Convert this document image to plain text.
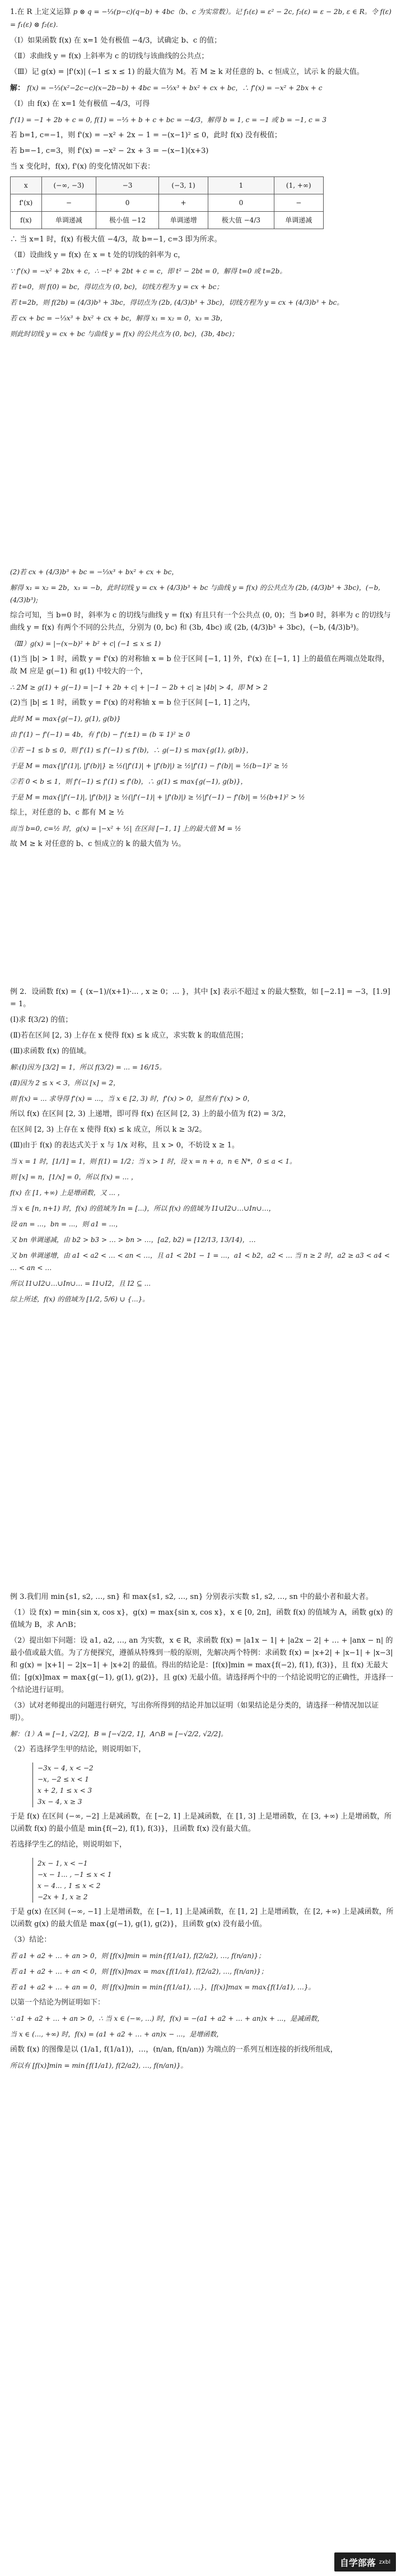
1.在 R 上定义运算 p ⊗ q = −⅓(p−c)(q−b) + 4bc（b、c 为实常数）。记 f₁(ε) = ε² − 2c, f₂(ε) = ε − 2b, ε ∈ R。令 f(ε) = f₁(ε) ⊗ f₂(ε).

（Ⅰ）如果函数 f(x) 在 x=1 处有极值 −4/3，试确定 b、c 的值；

（Ⅱ）求曲线 y = f(x) 上斜率为 c 的切线与该曲线的公共点；

（Ⅲ）记 g(x) = |f'(x)| (−1 ≤ x ≤ 1) 的最大值为 M。若 M ≥ k 对任意的 b、c 恒成立，试示 k 的最大值。

解： f(x) = −⅓(x²−2c−c)(x−2b−b) + 4bc = −⅓x³ + bx² + cx + bc，∴ f'(x) = −x² + 2bx + c

（Ⅰ）由 f(x) 在 x=1 处有极值 −4/3，可得

f'(1) = −1 + 2b + c = 0, f(1) = −⅓ + b + c + bc = −4/3，解得 b = 1, c = −1 或 b = −1, c = 3

若 b=1, c=−1，则 f'(x) = −x² + 2x − 1 = −(x−1)² ≤ 0，此时 f(x) 没有极值；

若 b=−1, c=3，则 f'(x) = −x² − 2x + 3 = −(x−1)(x+3)

当 x 变化时，f(x), f'(x) 的变化情况如下表：

x	(−∞, −3)	−3	(−3, 1)	1	(1, +∞)
f'(x)	−	0	+	0	−
f(x)	单调递减	极小值 −12	单调递增	极大值 −4/3	单调递减

∴ 当 x=1 时，f(x) 有极大值 −4/3，故 b=−1, c=3 即为所求。

（Ⅱ）设曲线 y = f(x) 在 x = t 处的切线的斜率为 c，

∵ f'(x) = −x² + 2bx + c，∴ −t² + 2bt + c = c，即 t² − 2bt = 0，解得 t=0 或 t=2b。

若 t=0，则 f(0) = bc，得切点为 (0, bc)，切线方程为 y = cx + bc；

若 t=2b，则 f(2b) = (4/3)b³ + 3bc，得切点为 (2b, (4/3)b³ + 3bc)，切线方程为 y = cx + (4/3)b³ + bc。

若 cx + bc = −⅓x³ + bx² + cx + bc，解得 x₁ = x₂ = 0，x₃ = 3b，

则此时切线 y = cx + bc 与曲线 y = f(x) 的公共点为 (0, bc)，(3b, 4bc)；

(2)若 cx + (4/3)b³ + bc = −⅓x³ + bx² + cx + bc，

解得 x₁ = x₂ = 2b，x₃ = −b，此时切线 y = cx + (4/3)b³ + bc 与曲线 y = f(x) 的公共点为 (2b, (4/3)b³ + 3bc)，(−b, (4/3)b³);

综合可知，当 b=0 时，斜率为 c 的切线与曲线 y = f(x) 有且只有一个公共点 (0, 0)；当 b≠0 时，斜率为 c 的切线与曲线 y = f(x) 有两个不同的公共点，分别为 (0, bc) 和 (3b, 4bc) 或 (2b, (4/3)b³ + 3bc)，(−b, (4/3)b³)。

（Ⅲ）g(x) = |−(x−b)² + b² + c| (−1 ≤ x ≤ 1)

(1)当 |b| > 1 时，函数 y = f'(x) 的对称轴 x = b 位于区间 [−1, 1] 外，f'(x) 在 [−1, 1] 上的最值在两端点处取得，故 M 应是 g(−1) 和 g(1) 中较大的一个，

∴ 2M ≥ g(1) + g(−1) = |−1 + 2b + c| + |−1 − 2b + c| ≥ |4b| > 4，即 M > 2

(2)当 |b| ≤ 1 时，函数 y = f'(x) 的对称轴 x = b 位于区间 [−1, 1] 之内，

此时 M = max{g(−1), g(1), g(b)}

由 f'(1) − f'(−1) = 4b，有 f'(b) − f'(±1) = (b ∓ 1)² ≥ 0

①若 −1 ≤ b ≤ 0，则 f'(1) ≤ f'(−1) ≤ f'(b)，∴ g(−1) ≤ max{g(1), g(b)}，

于是 M = max{|f'(1)|, |f'(b)|} ≥ ½(|f'(1)| + |f'(b)|) ≥ ½|f'(1) − f'(b)| = ½(b−1)² ≥ ½

②若 0 < b ≤ 1，则 f'(−1) ≤ f'(1) ≤ f'(b)，∴ g(1) ≤ max{g(−1), g(b)}，

于是 M = max{|f'(−1)|, |f'(b)|} ≥ ½(|f'(−1)| + |f'(b)|) ≥ ½|f'(−1) − f'(b)| = ½(b+1)² > ½

综上，对任意的 b、c 都有 M ≥ ½

而当 b=0, c=½ 时，g(x) = |−x² + ½| 在区间 [−1, 1] 上的最大值 M = ½

故 M ≥ k 对任意的 b、c 恒成立的 k 的最大值为 ½。

例 2．设函数 f(x) = { (x−1)/(x+1)·... , x ≥ 0；... }，其中 [x] 表示不超过 x 的最大整数，如 [−2.1] = −3，[1.9] = 1。

(Ⅰ)求 f(3/2) 的值；

(Ⅱ)若在区间 [2, 3) 上存在 x 使得 f(x) ≤ k 成立，求实数 k 的取值范围；

(Ⅲ)求函数 f(x) 的值域。

解:(Ⅰ)因为 [3/2] = 1，所以 f(3/2) = ... = 16/15。

(Ⅱ)因为 2 ≤ x < 3，所以 [x] = 2，

则 f(x) = ... 求导得 f'(x) = ...，当 x ∈ [2, 3) 时，f'(x) > 0，显然有 f'(x) > 0，

所以 f(x) 在区间 [2, 3) 上递增，即可得 f(x) 在区间 [2, 3) 上的最小值为 f(2) = 3/2，

在区间 [2, 3) 上存在 x 使得 f(x) ≤ k 成立，所以 k ≥ 3/2。

(Ⅲ)由于 f(x) 的表达式关于 x 与 1/x 对称，且 x > 0，不妨设 x ≥ 1。

当 x = 1 时，[1/1] = 1，则 f(1) = 1/2；当 x > 1 时，设 x = n + a，n ∈ N*，0 ≤ a < 1。

则 [x] = n，[1/x] = 0，所以 f(x) = ... ，

f(x) 在 [1, +∞) 上是增函数，又 ... ，

当 x ∈ [n, n+1) 时，f(x) 的值域为 In = [...)，所以 f(x) 的值域为 I1∪I2∪…∪In∪…，

设 an = ...，bn = ...，则 a1 = ...，

又 bn 单调递减，由 b2 > b3 > … > bn > …，[a2, b2) = [12/13, 13/14)，…

又 bn 单调递增，由 a1 < a2 < … < an < …，且 a1 < 2b1 − 1 = ...，a1 < b2，a2 < … 当 n ≥ 2 时，a2 ≥ a3 < a4 < … < an < …

所以 I1∪I2∪…∪In∪… = I1∪I2，且 I2 ⊆ ...

综上所述，f(x) 的值域为 [1/2, 5/6) ∪ {...}。

例 3.我们用 min{s1, s2, …, sn} 和 max{s1, s2, …, sn} 分别表示实数 s1, s2, …, sn 中的最小者和最大者。

（1）设 f(x) = min{sin x, cos x}，g(x) = max{sin x, cos x}，x ∈ [0, 2π]，函数 f(x) 的值域为 A，函数 g(x) 的值域为 B，求 A∩B；

（2）提出如下问题：设 a1, a2, …, an 为实数，x ∈ R，求函数 f(x) = |a1x − 1| + |a2x − 2| + … + |anx − n| 的最小值或最大值。为了方便探究，遵循从特殊到一般的原则，先解决两个特例：求函数 f(x) = |x+2| + |x−1| + |x−3| 和 g(x) = |x+1| − 2|x−1| + |x+2| 的最值。得出的结论是：[f(x)]min = max{f(−2), f(1), f(3)}，且 f(x) 无最大值；[g(x)]max = max{g(−1), g(1), g(2)}，且 g(x) 无最小值。请选择两个中的一个结论说明它的正确性，并选择一个结论进行证明。

（3）试对老师提出的问题进行研究，写出你所得到的结论并加以证明（如果结论是分类的，请选择一种情况加以证明）。

解：（1）A = [−1, √2/2]，B = [−√2/2, 1]，A∩B = [−√2/2, √2/2]。

（2）若选择学生甲的结论，则说明如下，

−3x − 4, x < −2
−x, −2 ≤ x < 1
x + 2, 1 ≤ x < 3
3x − 4, x ≥ 3

于是 f(x) 在区间 (−∞, −2] 上是减函数，在 [−2, 1] 上是减函数，在 [1, 3] 上是增函数，在 [3, +∞) 上是增函数，所以函数 f(x) 的最小值是 min{f(−2), f(1), f(3)}，且函数 f(x) 没有最大值。

若选择学生乙的结论，则说明如下，

2x − 1, x < −1
−x − 1... , −1 ≤ x < 1
x − 4... , 1 ≤ x < 2
−2x + 1, x ≥ 2

于是 g(x) 在区间 (−∞, −1] 上是增函数，在 [−1, 1] 上是减函数，在 [1, 2] 上是增函数，在 [2, +∞) 上是减函数，所以函数 g(x) 的最大值是 max{g(−1), g(1), g(2)}，且函数 g(x) 没有最小值。

（3）结论：

若 a1 + a2 + … + an > 0，则 [f(x)]min = min{f(1/a1), f(2/a2), …, f(n/an)}；

若 a1 + a2 + … + an < 0，则 [f(x)]max = max{f(1/a1), f(2/a2), …, f(n/an)}；

若 a1 + a2 + … + an = 0，则 [f(x)]min = min{f(1/a1), …}，[f(x)]max = max{f(1/a1), …}。

以第一个结论为例证明如下：

∵ a1 + a2 + … + an > 0，∴ 当 x ∈ (−∞, ...) 时，f(x) = −(a1 + a2 + … + an)x + ...，是减函数，

当 x ∈ (..., +∞) 时，f(x) = (a1 + a2 + … + an)x − ...，是增函数，

函数 f(x) 的图像是以 (1/a1, f(1/a1))，…，(n/an, f(n/an)) 为端点的一系列互相连接的折线所组成，

所以有 [f(x)]min = min{f(1/a1), f(2/a2), …, f(n/an)}。

自学部落 zxbl
